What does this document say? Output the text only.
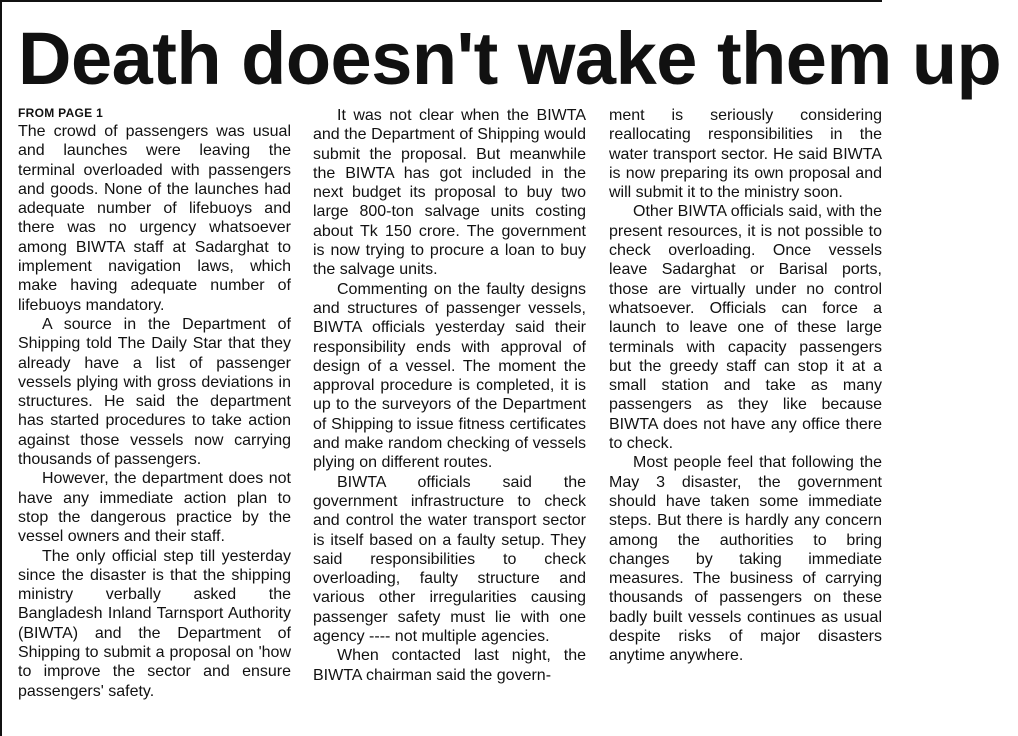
Death doesn't wake them up
FROM PAGE 1

The crowd of passengers was usual and launches were leaving the terminal overloaded with passengers and goods. None of the launches had adequate number of lifebuoys and there was no urgency whatsoever among BIWTA staff at Sadarghat to implement navigation laws, which make having adequate number of lifebuoys mandatory.

A source in the Department of Shipping told The Daily Star that they already have a list of passenger vessels plying with gross deviations in structures. He said the department has started procedures to take action against those vessels now carrying thousands of passengers.

However, the department does not have any immediate action plan to stop the dangerous practice by the vessel owners and their staff.

The only official step till yesterday since the disaster is that the shipping ministry verbally asked the Bangladesh Inland Tarnsport Authority (BIWTA) and the Department of Shipping to submit a proposal on 'how to improve the sector and ensure passengers' safety.

It was not clear when the BIWTA and the Department of Shipping would submit the proposal. But meanwhile the BIWTA has got included in the next budget its proposal to buy two large 800-ton salvage units costing about Tk 150 crore. The government is now trying to procure a loan to buy the salvage units.

Commenting on the faulty designs and structures of passenger vessels, BIWTA officials yesterday said their responsibility ends with approval of design of a vessel. The moment the approval procedure is completed, it is up to the surveyors of the Department of Shipping to issue fitness certificates and make random checking of vessels plying on different routes.

BIWTA officials said the government infrastructure to check and control the water transport sector is itself based on a faulty setup. They said responsibilities to check overloading, faulty structure and various other irregularities causing passenger safety must lie with one agency ---- not multiple agencies.

When contacted last night, the BIWTA chairman said the govern-

ment is seriously considering reallocating responsibilities in the water transport sector. He said BIWTA is now preparing its own proposal and will submit it to the ministry soon.

Other BIWTA officials said, with the present resources, it is not possible to check overloading. Once vessels leave Sadarghat or Barisal ports, those are virtually under no control whatsoever. Officials can force a launch to leave one of these large terminals with capacity passengers but the greedy staff can stop it at a small station and take as many passengers as they like because BIWTA does not have any office there to check.

Most people feel that following the May 3 disaster, the government should have taken some immediate steps. But there is hardly any concern among the authorities to bring changes by taking immediate measures. The business of carrying thousands of passengers on these badly built vessels continues as usual despite risks of major disasters anytime anywhere.
